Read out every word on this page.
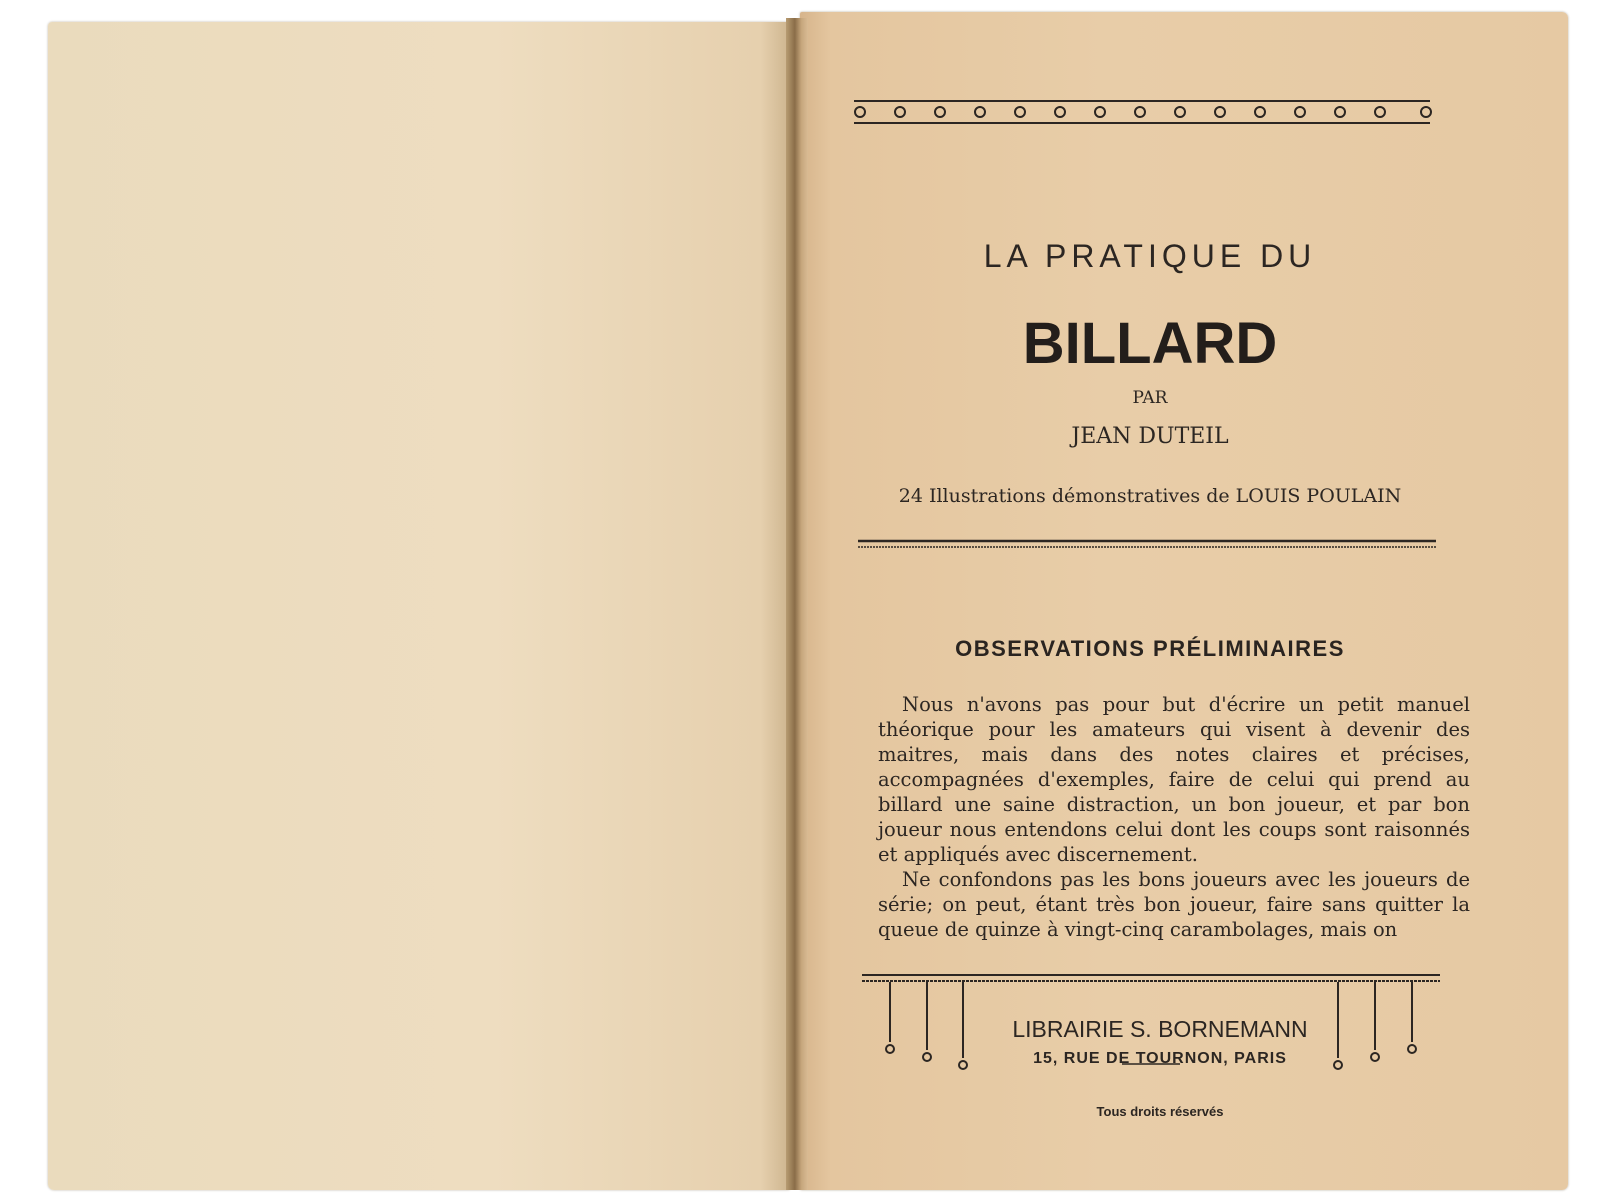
LA PRATIQUE DU
BILLARD
PAR
JEAN DUTEIL
24 Illustrations démonstratives de LOUIS POULAIN
OBSERVATIONS PRÉLIMINAIRES

Nous n'avons pas pour but d'écrire un petit manuel théorique pour les amateurs qui visent à devenir des maitres, mais dans des notes claires et précises, accompagnées d'exemples, faire de celui qui prend au billard une saine distraction, un bon joueur, et par bon joueur nous entendons celui dont les coups sont raisonnés et appliqués avec discernement.

Ne confondons pas les bons joueurs avec les joueurs de série; on peut, étant très bon joueur, faire sans quitter la queue de quinze à vingt-cinq carambolages, mais on

LIBRAIRIE S. BORNEMANN
15, RUE DE TOURNON, PARIS
Tous droits réservés
